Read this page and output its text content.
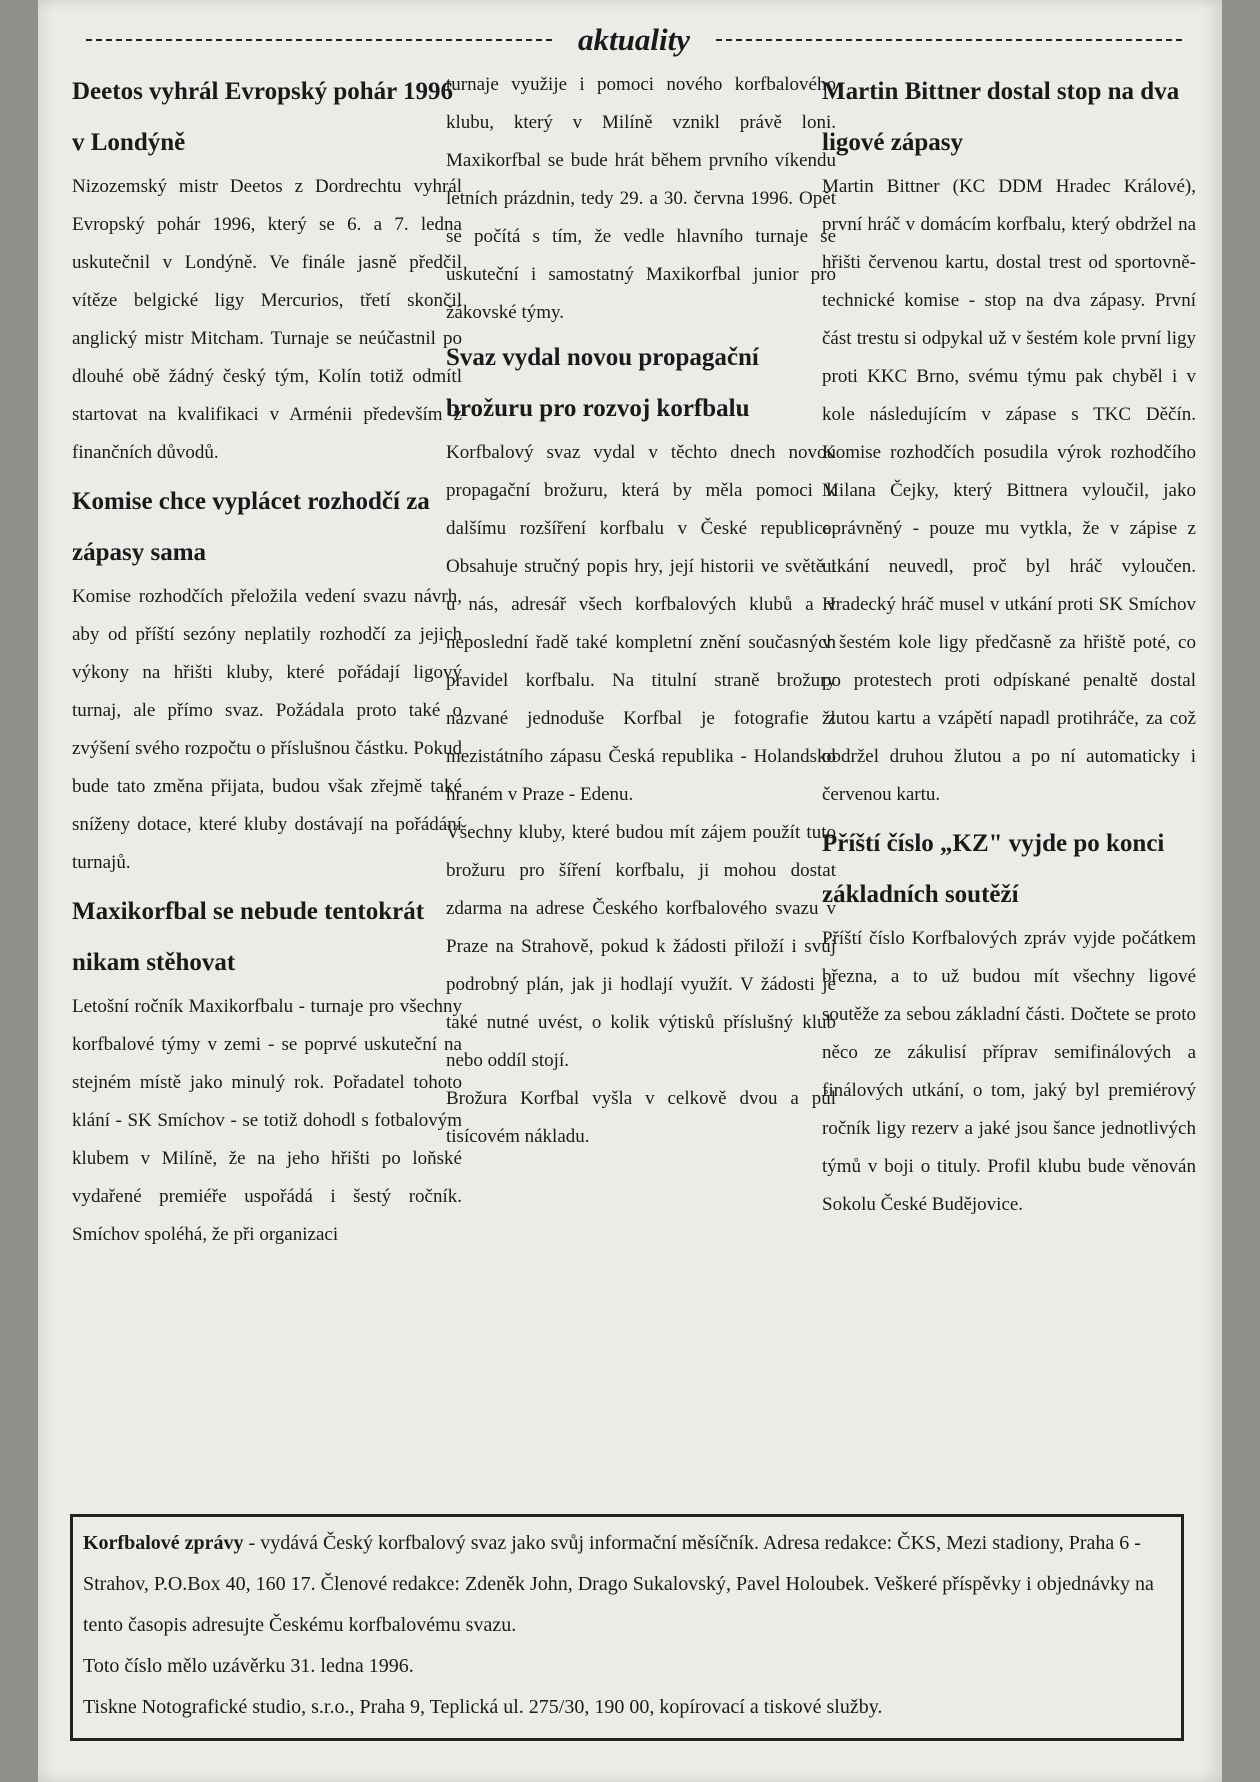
aktuality
Deetos vyhrál Evropský pohár 1996 v Londýně

Nizozemský mistr Deetos z Dordrechtu vyhrál Evropský pohár 1996, který se 6. a 7. ledna uskutečnil v Londýně. Ve finále jasně předčil vítěze belgické ligy Mercurios, třetí skončil anglický mistr Mitcham. Turnaje se neúčastnil po dlouhé obě žádný český tým, Kolín totiž odmítl startovat na kvalifikaci v Arménii především z finančních důvodů.

Komise chce vyplácet rozhodčí za zápasy sama

Komise rozhodčích přeložila vedení svazu návrh, aby od příští sezóny neplatily rozhodčí za jejich výkony na hřišti kluby, které pořádají ligový turnaj, ale přímo svaz. Požádala proto také o zvýšení svého rozpočtu o příslušnou částku. Pokud bude tato změna přijata, budou však zřejmě také sníženy dotace, které kluby dostávají na pořádání turnajů.

Maxikorfbal se nebude tentokrát nikam stěhovat

Letošní ročník Maxikorfbalu - turnaje pro všechny korfbalové týmy v zemi - se poprvé uskuteční na stejném místě jako minulý rok. Pořadatel tohoto klání - SK Smíchov - se totiž dohodl s fotbalovým klubem v Milíně, že na jeho hřišti po loňské vydařené premiéře uspořádá i šestý ročník. Smíchov spoléhá, že při organizaci

turnaje využije i pomoci nového korfbalového klubu, který v Milíně vznikl právě loni. Maxikorfbal se bude hrát během prvního víkendu letních prázdnin, tedy 29. a 30. června 1996. Opět se počítá s tím, že vedle hlavního turnaje se uskuteční i samostatný Maxikorfbal junior pro žákovské týmy.

Svaz vydal novou propagační brožuru pro rozvoj korfbalu

Korfbalový svaz vydal v těchto dnech novou propagační brožuru, která by měla pomoci k dalšímu rozšíření korfbalu v České republice. Obsahuje stručný popis hry, její historii ve světě i u nás, adresář všech korfbalových klubů a v neposlední řadě také kompletní znění současných pravidel korfbalu. Na titulní straně brožury nazvané jednoduše Korfbal je fotografie z mezistátního zápasu Česká republika - Holandsko hraném v Praze - Edenu.

Všechny kluby, které budou mít zájem použít tuto brožuru pro šíření korfbalu, ji mohou dostat zdarma na adrese Českého korfbalového svazu v Praze na Strahově, pokud k žádosti přiloží i svůj podrobný plán, jak ji hodlají využít. V žádosti je také nutné uvést, o kolik výtisků příslušný klub nebo oddíl stojí.

Brožura Korfbal vyšla v celkově dvou a půl tisícovém nákladu.

Martin Bittner dostal stop na dva ligové zápasy

Martin Bittner (KC DDM Hradec Králové), první hráč v domácím korfbalu, který obdržel na hřišti červenou kartu, dostal trest od sportovně-technické komise - stop na dva zápasy. První část trestu si odpykal už v šestém kole první ligy proti KKC Brno, svému týmu pak chyběl i v kole následujícím v zápase s TKC Děčín. Komise rozhodčích posudila výrok rozhodčího Milana Čejky, který Bittnera vyloučil, jako oprávněný - pouze mu vytkla, že v zápise z utkání neuvedl, proč byl hráč vyloučen. Hradecký hráč musel v utkání proti SK Smíchov v šestém kole ligy předčasně za hřiště poté, co po protestech proti odpískané penaltě dostal žlutou kartu a vzápětí napadl protihráče, za což obdržel druhou žlutou a po ní automaticky i červenou kartu.

Příští číslo „KZ" vyjde po konci základních soutěží

Příští číslo Korfbalových zpráv vyjde počátkem března, a to už budou mít všechny ligové soutěže za sebou základní části. Dočtete se proto něco ze zákulisí příprav semifinálových a finálových utkání, o tom, jaký byl premiérový ročník ligy rezerv a jaké jsou šance jednotlivých týmů v boji o tituly. Profil klubu bude věnován Sokolu České Budějovice.

Korfbalové zprávy - vydává Český korfbalový svaz jako svůj informační měsíčník. Adresa redakce: ČKS, Mezi stadiony, Praha 6 - Strahov, P.O.Box 40, 160 17. Členové redakce: Zdeněk John, Drago Sukalovský, Pavel Holoubek. Veškeré příspěvky i objednávky na tento časopis adresujte Českému korfbalovému svazu.

Toto číslo mělo uzávěrku 31. ledna 1996.

Tiskne Notografické studio, s.r.o., Praha 9, Teplická ul. 275/30, 190 00, kopírovací a tiskové služby.
